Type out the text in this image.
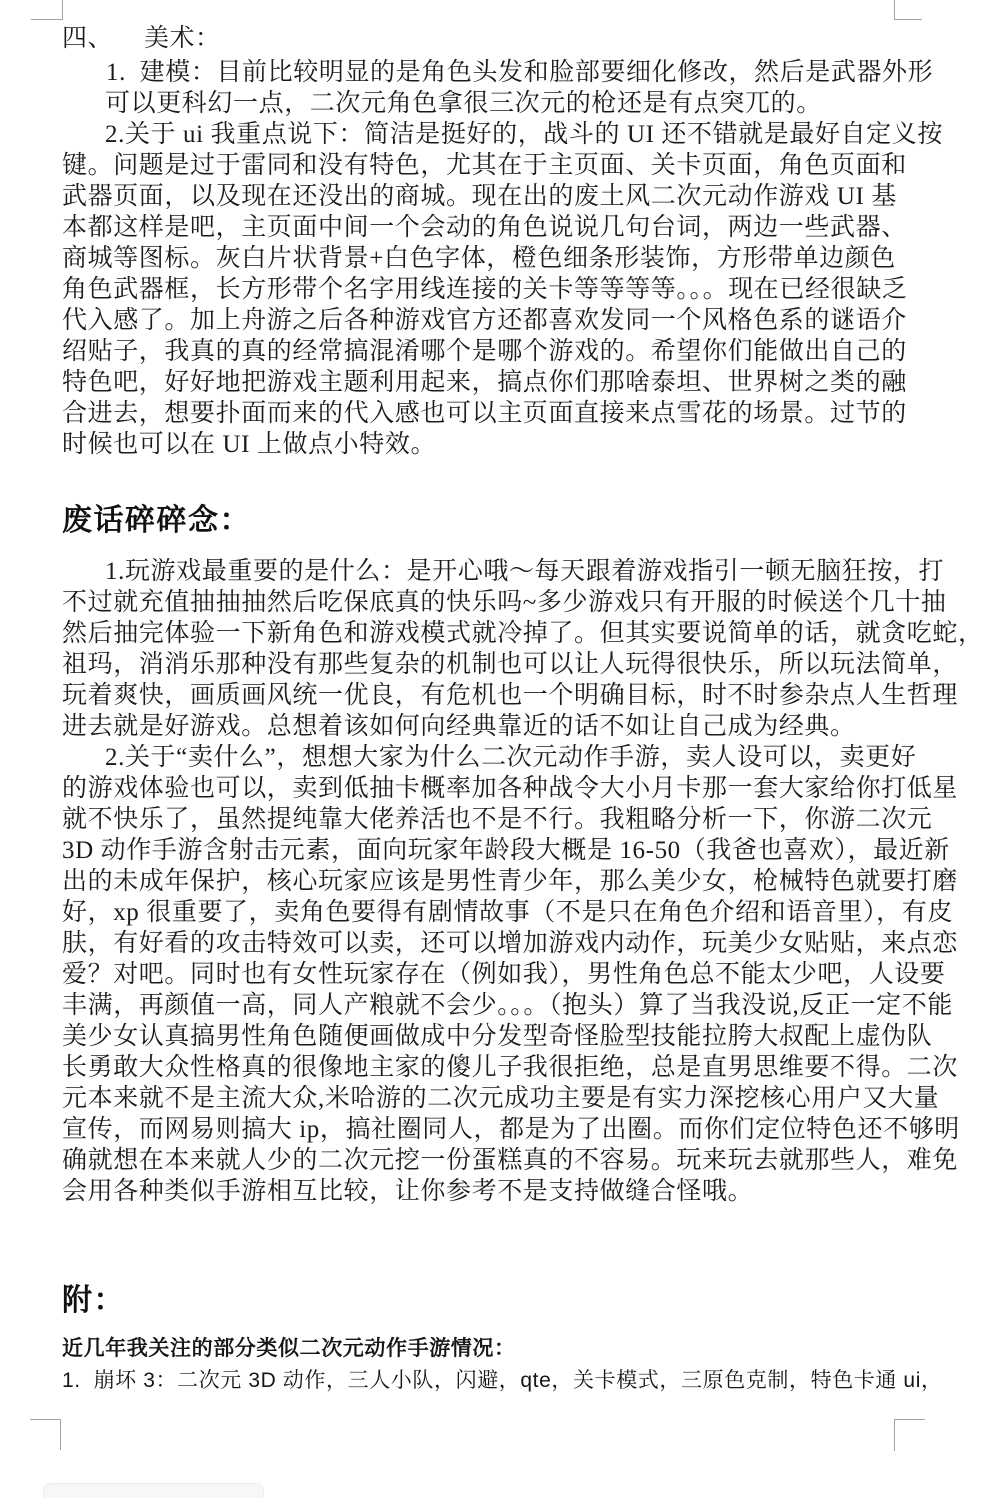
四、 美术：
1.  建模：目前比较明显的是角色头发和脸部要细化修改，然后是武器外形
可以更科幻一点，二次元角色拿很三次元的枪还是有点突兀的。
2.关于 ui 我重点说下：简洁是挺好的，战斗的 UI 还不错就是最好自定义按
键。问题是过于雷同和没有特色，尤其在于主页面、关卡页面，角色页面和
武器页面，以及现在还没出的商城。现在出的废土风二次元动作游戏 UI 基
本都这样是吧，主页面中间一个会动的角色说说几句台词，两边一些武器、
商城等图标。灰白片状背景+白色字体，橙色细条形装饰，方形带单边颜色
角色武器框，长方形带个名字用线连接的关卡等等等等。。。现在已经很缺乏
代入感了。加上舟游之后各种游戏官方还都喜欢发同一个风格色系的谜语介
绍贴子，我真的真的经常搞混淆哪个是哪个游戏的。希望你们能做出自己的
特色吧，好好地把游戏主题利用起来，搞点你们那啥泰坦、世界树之类的融
合进去，想要扑面而来的代入感也可以主页面直接来点雪花的场景。过节的
时候也可以在 UI 上做点小特效。
废话碎碎念：
1.玩游戏最重要的是什么：是开心哦～每天跟着游戏指引一顿无脑狂按，打
不过就充值抽抽抽然后吃保底真的快乐吗~多少游戏只有开服的时候送个几十抽
然后抽完体验一下新角色和游戏模式就冷掉了。但其实要说简单的话，就贪吃蛇，
祖玛，消消乐那种没有那些复杂的机制也可以让人玩得很快乐，所以玩法简单，
玩着爽快，画质画风统一优良，有危机也一个明确目标，时不时参杂点人生哲理
进去就是好游戏。总想着该如何向经典靠近的话不如让自己成为经典。
2.关于“卖什么”，想想大家为什么二次元动作手游，卖人设可以，卖更好
的游戏体验也可以，卖到低抽卡概率加各种战令大小月卡那一套大家给你打低星
就不快乐了，虽然提纯靠大佬养活也不是不行。我粗略分析一下，你游二次元
3D 动作手游含射击元素，面向玩家年龄段大概是 16-50（我爸也喜欢），最近新
出的未成年保护，核心玩家应该是男性青少年，那么美少女，枪械特色就要打磨
好，xp 很重要了，卖角色要得有剧情故事（不是只在角色介绍和语音里），有皮
肤，有好看的攻击特效可以卖，还可以增加游戏内动作，玩美少女贴贴，来点恋
爱？对吧。同时也有女性玩家存在（例如我），男性角色总不能太少吧，人设要
丰满，再颜值一高，同人产粮就不会少。。。（抱头）算了当我没说,反正一定不能
美少女认真搞男性角色随便画做成中分发型奇怪脸型技能拉胯大叔配上虚伪队
长勇敢大众性格真的很像地主家的傻儿子我很拒绝，总是直男思维要不得。二次
元本来就不是主流大众,米哈游的二次元成功主要是有实力深挖核心用户又大量
宣传，而网易则搞大 ip，搞社圈同人，都是为了出圈。而你们定位特色还不够明
确就想在本来就人少的二次元挖一份蛋糕真的不容易。玩来玩去就那些人，难免
会用各种类似手游相互比较，让你参考不是支持做缝合怪哦。
附：
近几年我关注的部分类似二次元动作手游情况：
1.  崩坏 3：二次元 3D 动作，三人小队，闪避，qte，关卡模式，三原色克制，特色卡通 ui，
